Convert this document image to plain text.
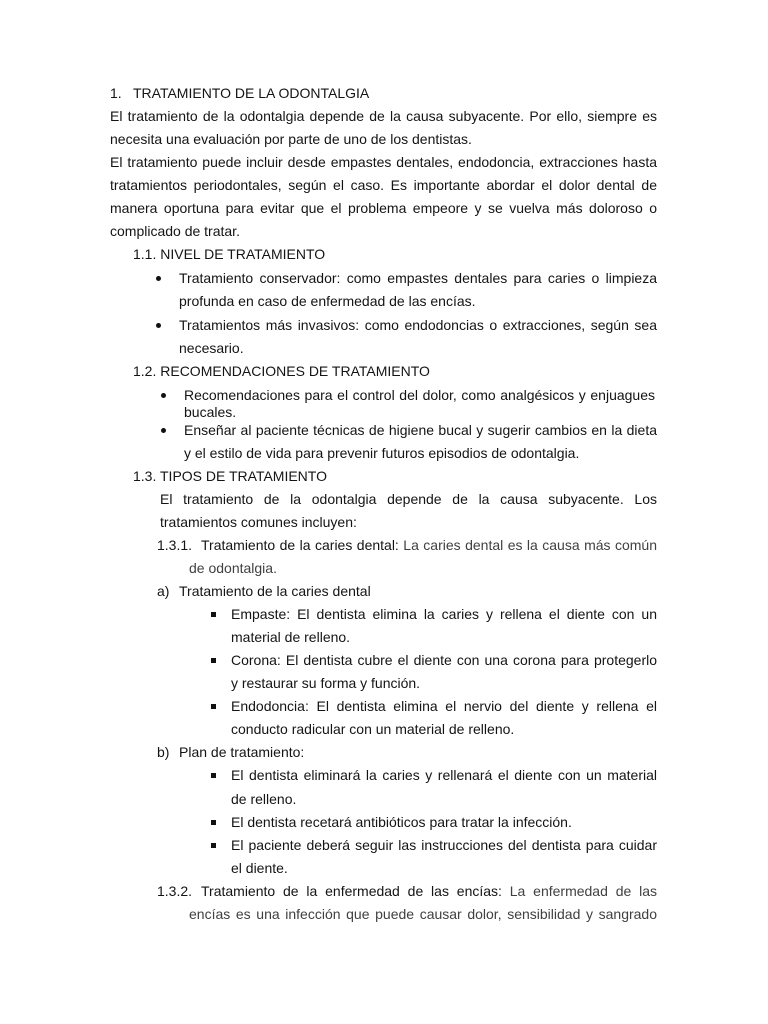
1. TRATAMIENTO DE LA ODONTALGIA
El tratamiento de la odontalgia depende de la causa subyacente. Por ello, siempre es
necesita una evaluación por parte de uno de los dentistas.
El tratamiento puede incluir desde empastes dentales, endodoncia, extracciones hasta
tratamientos periodontales, según el caso. Es importante abordar el dolor dental de
manera oportuna para evitar que el problema empeore y se vuelva más doloroso o
complicado de tratar.
1.1. NIVEL DE TRATAMIENTO
Tratamiento conservador: como empastes dentales para caries o limpieza
profunda en caso de enfermedad de las encías.
Tratamientos más invasivos: como endodoncias o extracciones, según sea
necesario.
1.2. RECOMENDACIONES DE TRATAMIENTO
Recomendaciones para el control del dolor, como analgésicos y enjuagues
bucales.
Enseñar al paciente técnicas de higiene bucal y sugerir cambios en la dieta
y el estilo de vida para prevenir futuros episodios de odontalgia.
1.3. TIPOS DE TRATAMIENTO
El tratamiento de la odontalgia depende de la causa subyacente. Los
tratamientos comunes incluyen:
1.3.1. Tratamiento de la caries dental: La caries dental es la causa más común
de odontalgia.
a) Tratamiento de la caries dental
Empaste: El dentista elimina la caries y rellena el diente con un
material de relleno.
Corona: El dentista cubre el diente con una corona para protegerlo
y restaurar su forma y función.
Endodoncia: El dentista elimina el nervio del diente y rellena el
conducto radicular con un material de relleno.
b) Plan de tratamiento:
El dentista eliminará la caries y rellenará el diente con un material
de relleno.
El dentista recetará antibióticos para tratar la infección.
El paciente deberá seguir las instrucciones del dentista para cuidar
el diente.
1.3.2. Tratamiento de la enfermedad de las encías: La enfermedad de las
encías es una infección que puede causar dolor, sensibilidad y sangrado
